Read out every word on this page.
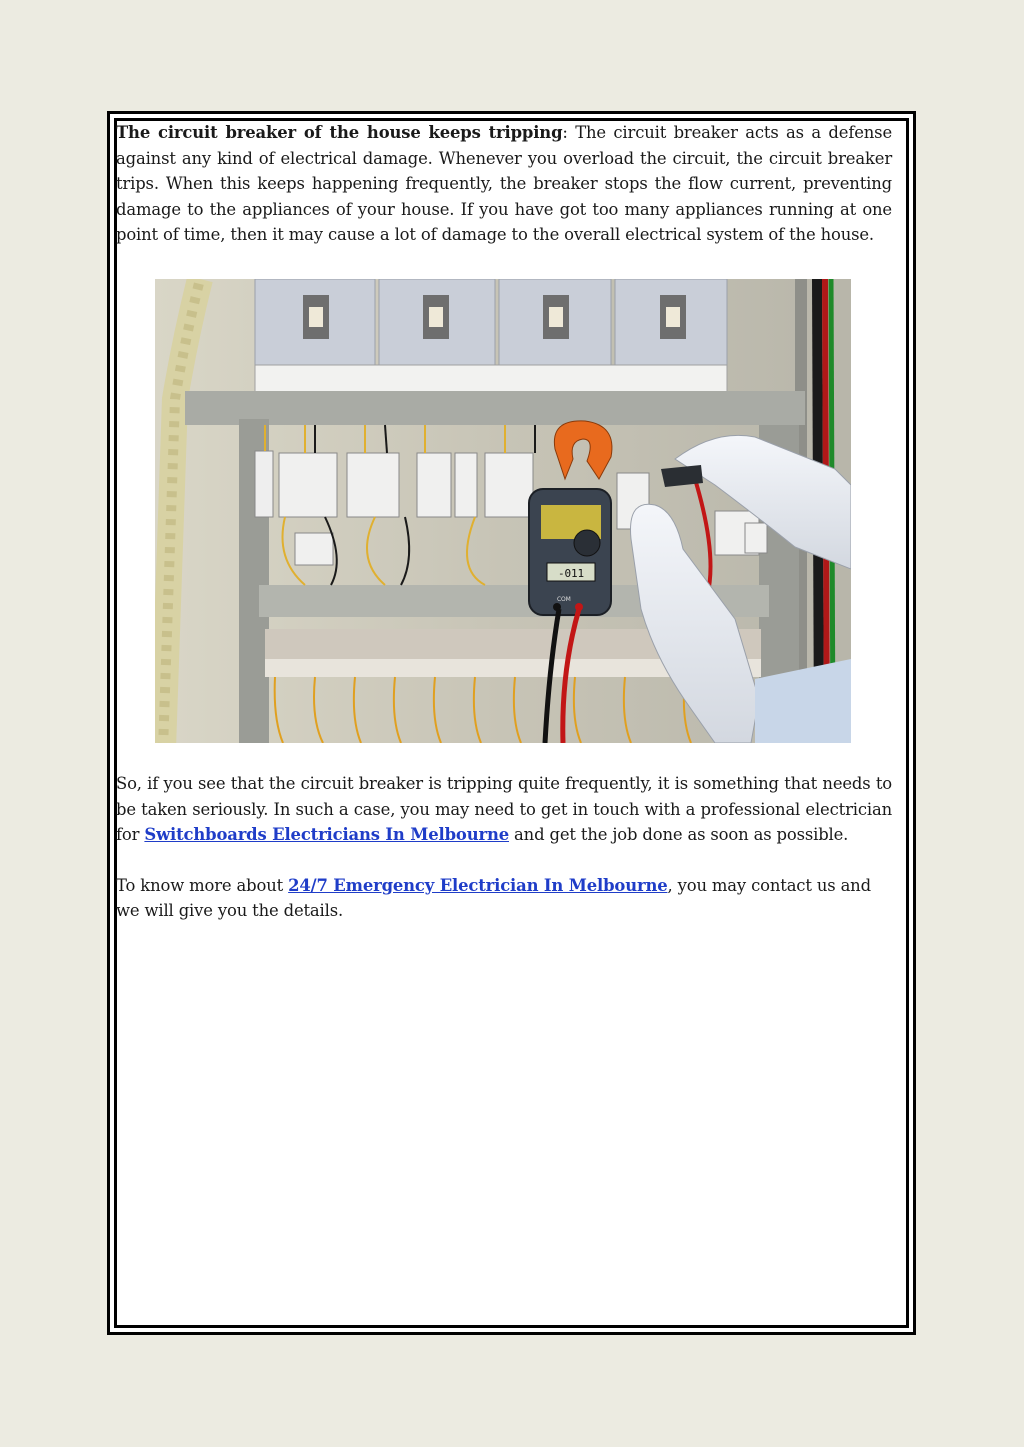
The circuit breaker of the house keeps tripping: The circuit breaker acts as a defense against any kind of electrical damage. Whenever you overload the circuit, the circuit breaker trips. When this keeps happening frequently, the breaker stops the flow current, preventing damage to the appliances of your house. If you have got too many appliances running at one point of time, then it may cause a lot of damage to the overall electrical system of the house.

-011
COM

So, if you see that the circuit breaker is tripping quite frequently, it is something that needs to be taken seriously. In such a case, you may need to get in touch with a professional electrician for Switchboards Electricians In Melbourne and get the job done as soon as possible.

To know more about 24/7 Emergency Electrician In Melbourne, you may contact us and we will give you the details.
